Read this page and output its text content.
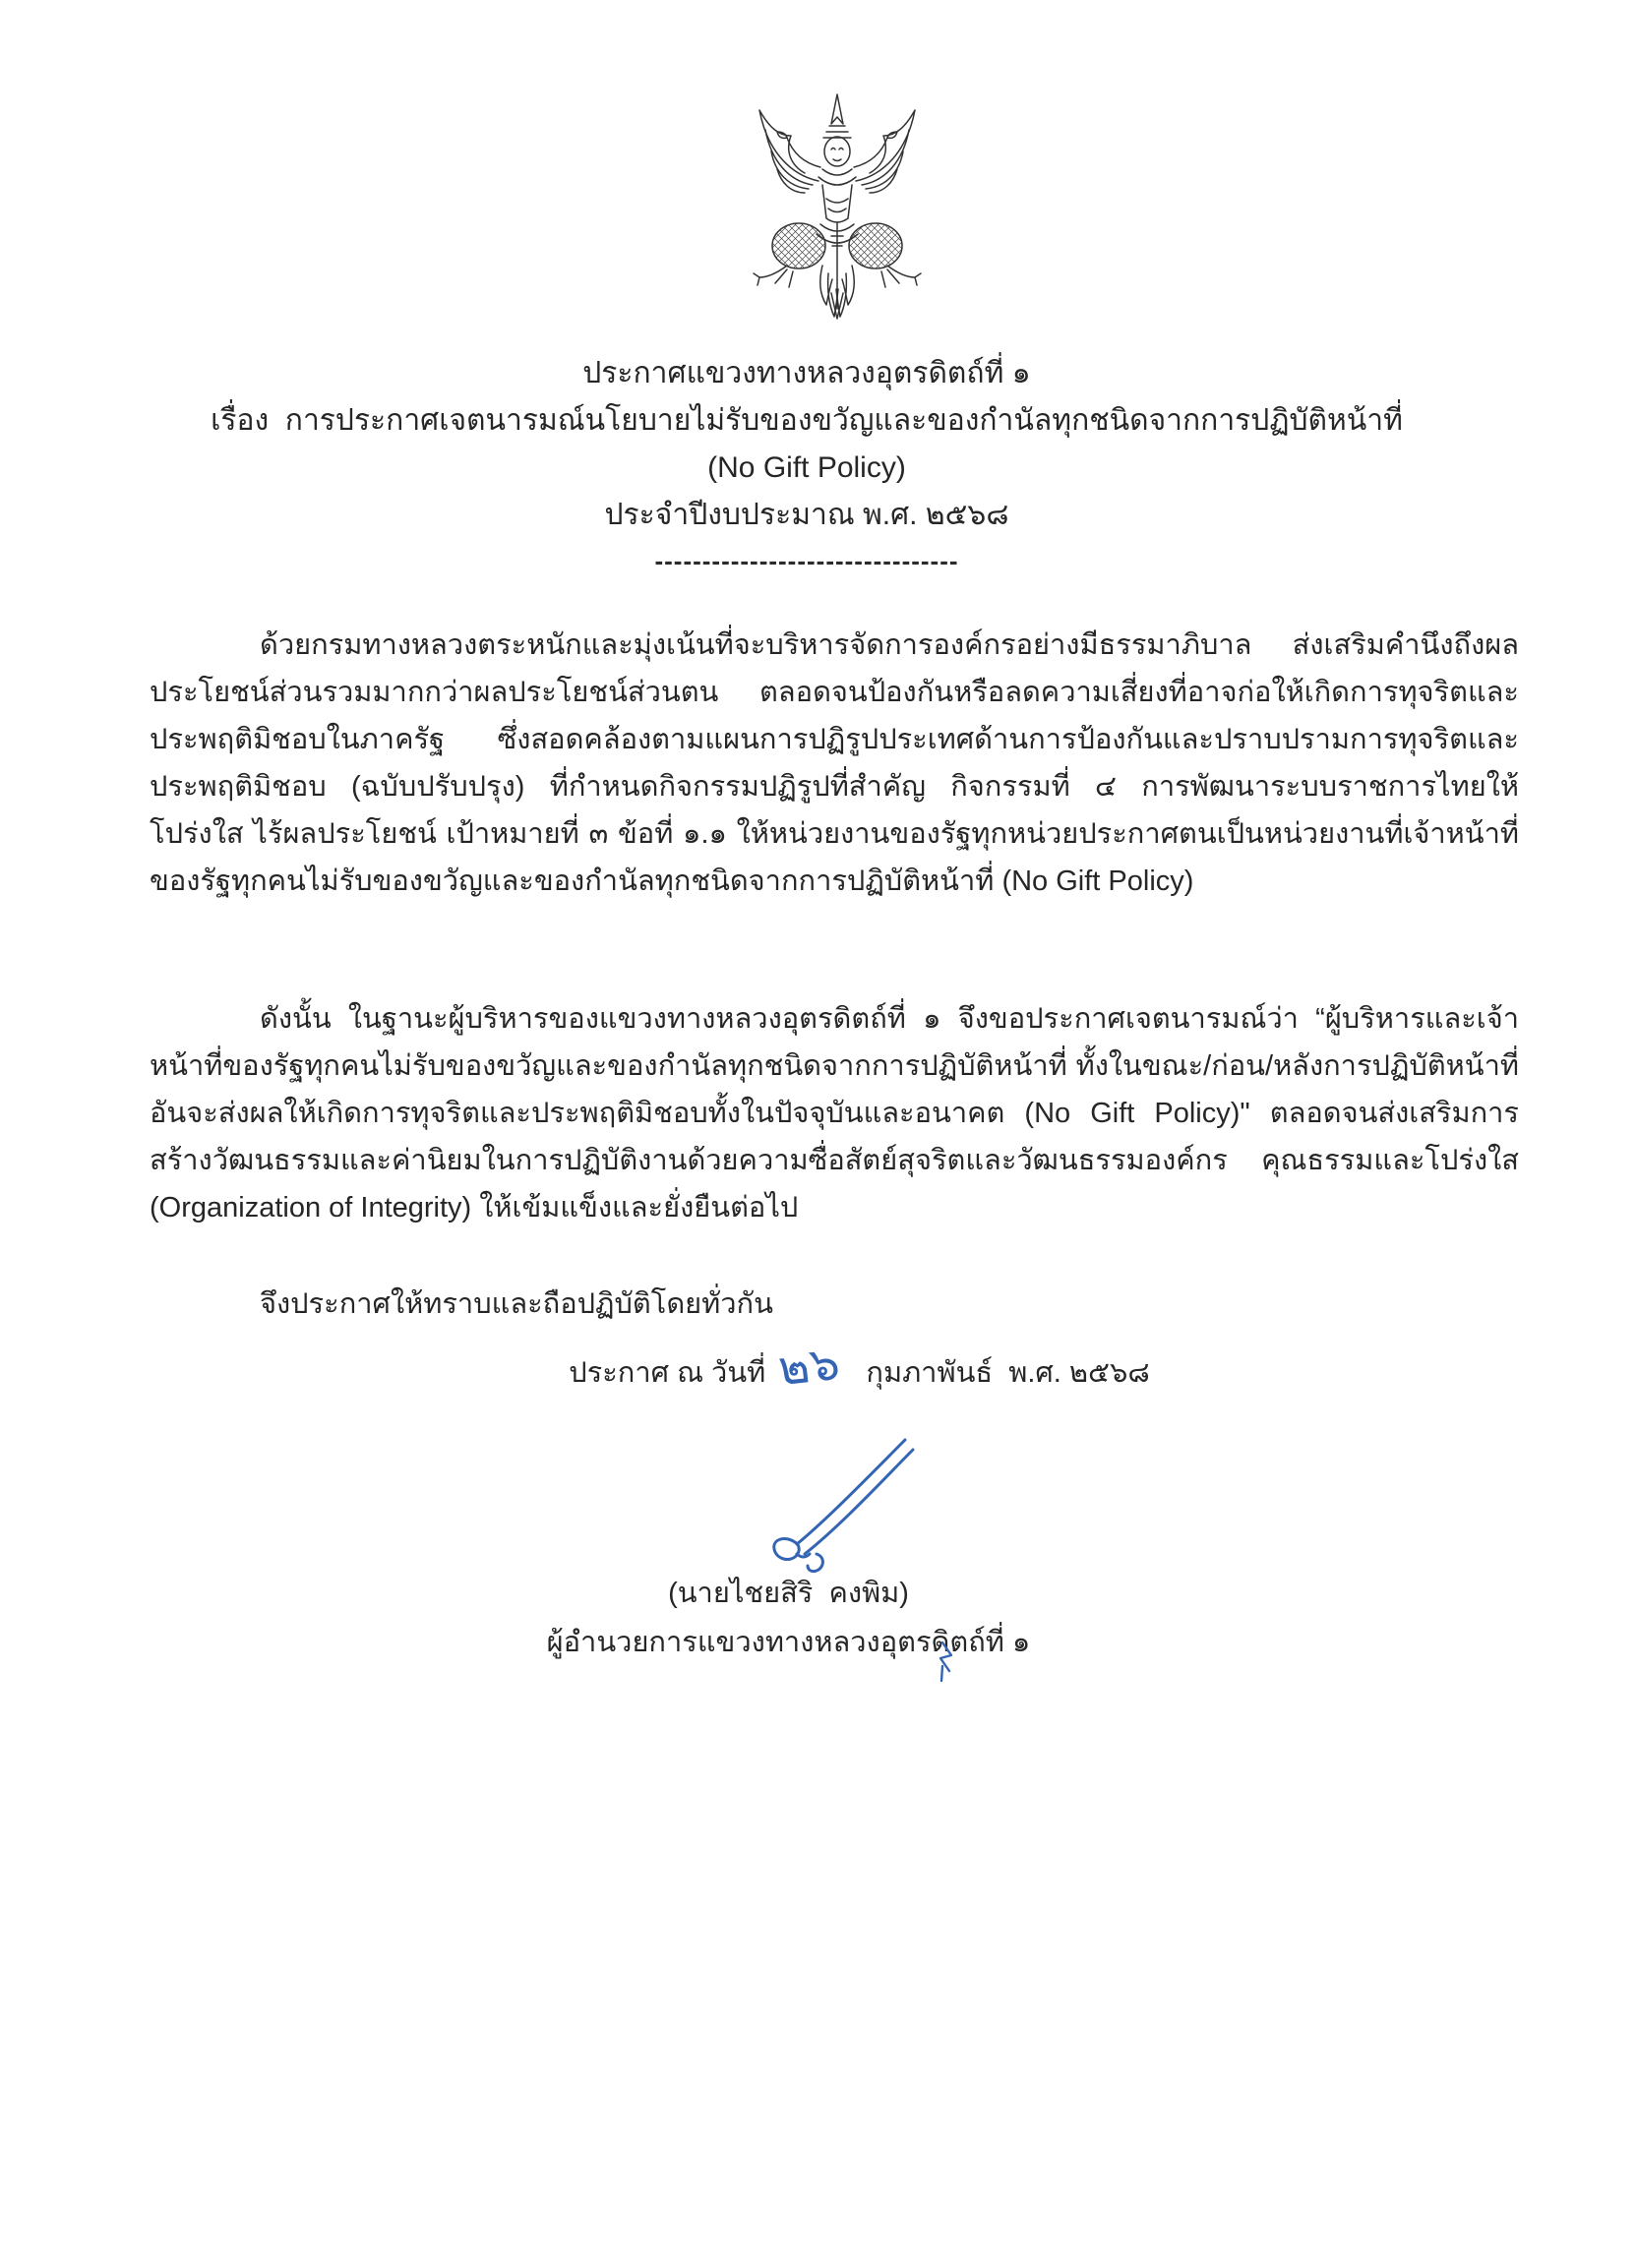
ประกาศแขวงทางหลวงอุตรดิตถ์ที่ ๑
เรื่อง  การประกาศเจตนารมณ์นโยบายไม่รับของขวัญและของกำนัลทุกชนิดจากการปฏิบัติหน้าที่
(No Gift Policy)
ประจำปีงบประมาณ พ.ศ. ๒๕๖๘
--------------------------------
ด้วยกรมทางหลวงตระหนักและมุ่งเน้นที่จะบริหารจัดการองค์กรอย่างมีธรรมาภิบาล ส่งเสริมคำนึงถึงผลประโยชน์ส่วนรวมมากกว่าผลประโยชน์ส่วนตน ตลอดจนป้องกันหรือลดความเสี่ยงที่อาจก่อให้เกิดการทุจริตและประพฤติมิชอบในภาครัฐ ซึ่งสอดคล้องตามแผนการปฏิรูปประเทศด้านการป้องกันและปราบปรามการทุจริตและประพฤติมิชอบ (ฉบับปรับปรุง) ที่กำหนดกิจกรรมปฏิรูปที่สำคัญ กิจกรรมที่ ๔ การพัฒนาระบบราชการไทยให้โปร่งใส ไร้ผลประโยชน์ เป้าหมายที่ ๓ ข้อที่ ๑.๑ ให้หน่วยงานของรัฐทุกหน่วยประกาศตนเป็นหน่วยงานที่เจ้าหน้าที่ของรัฐทุกคนไม่รับของขวัญและของกำนัลทุกชนิดจากการปฏิบัติหน้าที่ (No Gift Policy)
ดังนั้น ในฐานะผู้บริหารของแขวงทางหลวงอุตรดิตถ์ที่ ๑ จึงขอประกาศเจตนารมณ์ว่า “ผู้บริหารและเจ้าหน้าที่ของรัฐทุกคนไม่รับของขวัญและของกำนัลทุกชนิดจากการปฏิบัติหน้าที่ ทั้งในขณะ/ก่อน/หลังการปฏิบัติหน้าที่ อันจะส่งผลให้เกิดการทุจริตและประพฤติมิชอบทั้งในปัจจุบันและอนาคต (No Gift Policy)" ตลอดจนส่งเสริมการสร้างวัฒนธรรมและค่านิยมในการปฏิบัติงานด้วยความซื่อสัตย์สุจริตและวัฒนธรรมองค์กร คุณธรรมและโปร่งใส (Organization of Integrity) ให้เข้มแข็งและยั่งยืนต่อไป
จึงประกาศให้ทราบและถือปฏิบัติโดยทั่วกัน
ประกาศ ณ วันที่ ๒๖ กุมภาพันธ์  พ.ศ. ๒๕๖๘
(นายไชยสิริ  คงพิม)
ผู้อำนวยการแขวงทางหลวงอุตรดิตถ์ที่ ๑
